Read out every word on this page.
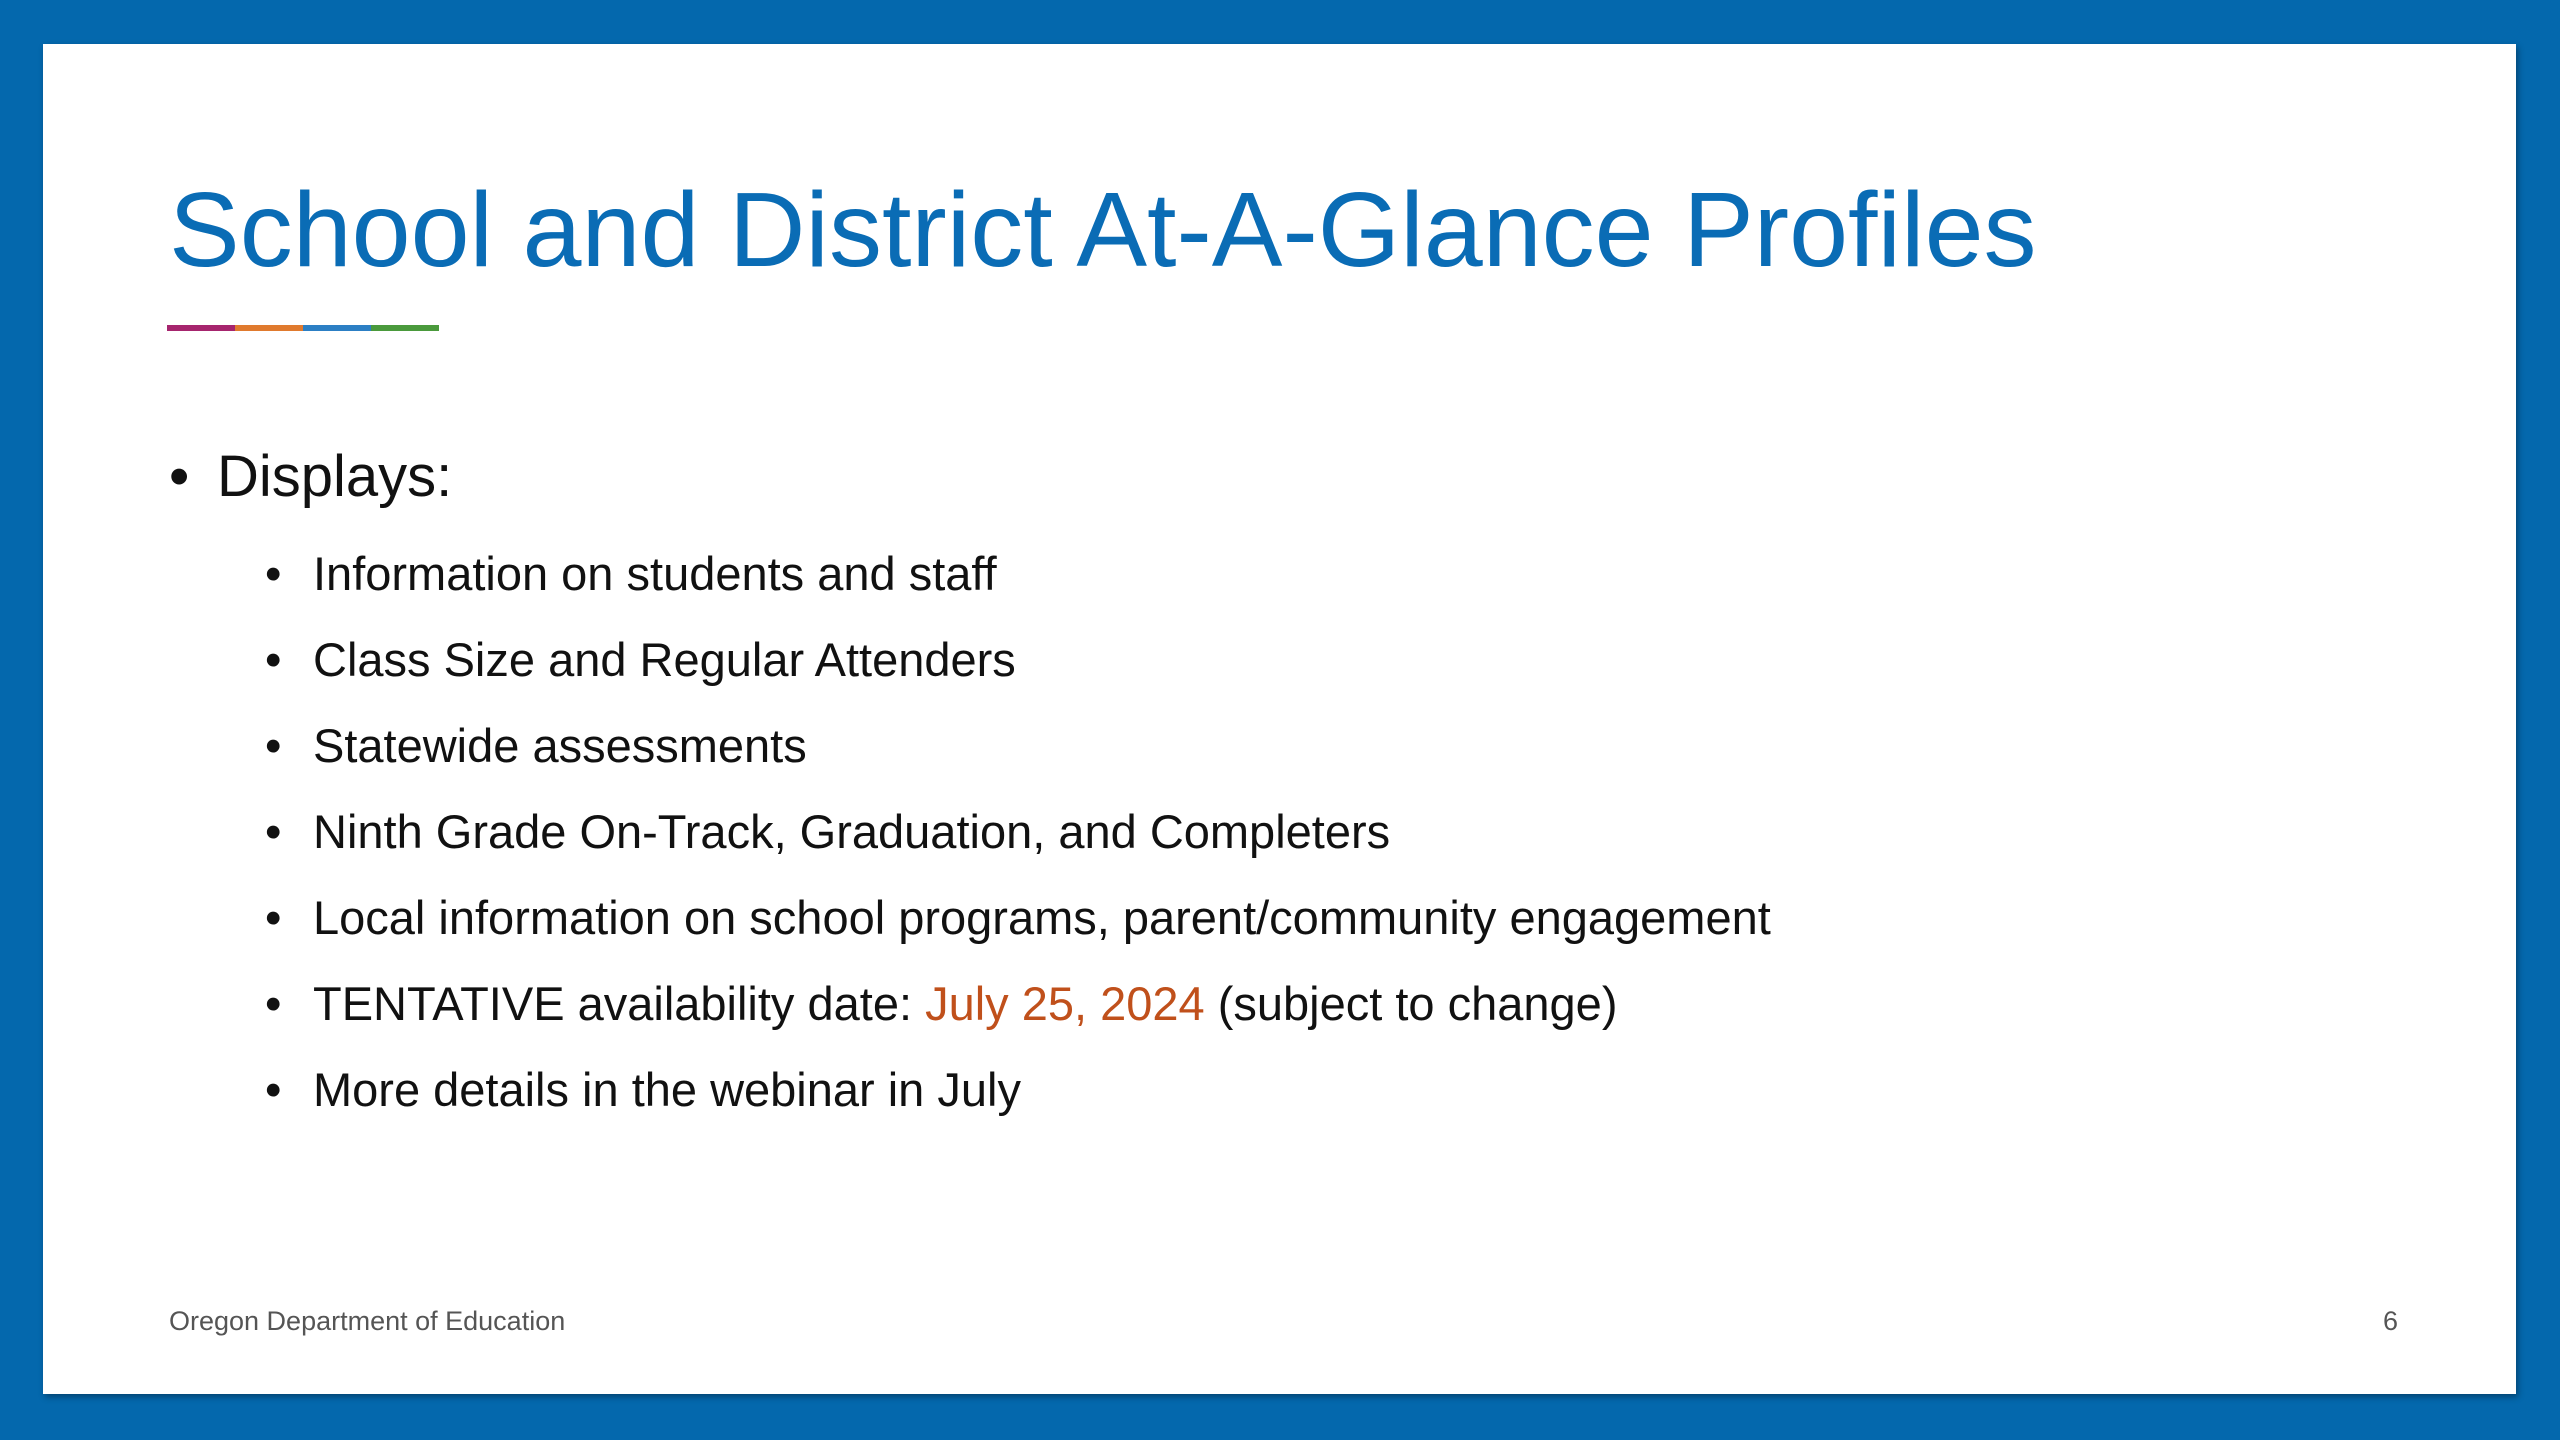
School and District At-A-Glance Profiles
• Displays:
• Information on students and staff
• Class Size and Regular Attenders
• Statewide assessments
• Ninth Grade On-Track, Graduation, and Completers
• Local information on school programs, parent/community engagement
• TENTATIVE availability date: July 25, 2024 (subject to change)
• More details in the webinar in July
Oregon Department of Education	6
